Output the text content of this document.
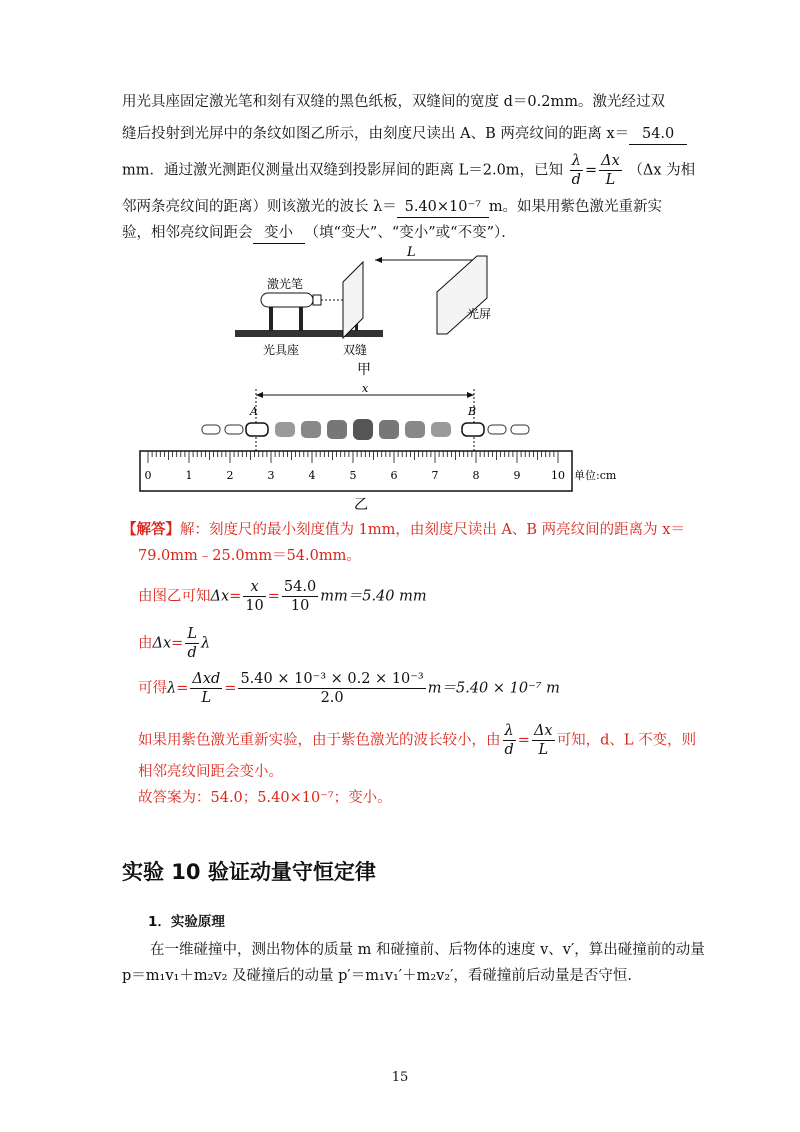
用光具座固定激光笔和刻有双缝的黑色纸板，双缝间的宽度 d＝0.2mm。激光经过双
缝后投射到光屏中的条纹如图乙所示，由刻度尺读出 A、B 两亮纹间的距离 x＝ 54.0
mm．通过激光测距仪测量出双缝到投影屏间的距离 L＝2.0m，已知 $\frac{\lambda}{d} = \frac{\Delta x}{L} (\Delta x$ 为相
邻两条亮纹间的距离）则该激光的波长 λ＝ 5.40×10⁻⁷ m。如果用紫色激光重新实
验，相邻亮纹间距会 变小 （填“变大”、“变小”或“不变”）．
L
激光笔
光具座	双缝
光屏
甲
x
A	B
0	1	2	3	4	5	6	7	8	9	10 单位:cm
乙
【解答】解：刻度尺的最小刻度值为 1mm，由刻度尺读出 A、B 两亮纹间的距离为 x＝
79.0mm﹣25.0mm＝54.0mm。
由图乙可知$\Delta x= \frac{x}{10} = \frac{54.0}{10} mm=5.40$ mm
由$\Delta x= \frac{L}{d}$ λ
可得$\lambda= \frac{\text{Δxd}}{L} = \frac{\text{5.40 × 10⁻³ × 0.2 × 10⁻³}}{2.0} m=5.40 \times 10^{-7}$ m
如果用紫色激光重新实验，由于紫色激光的波长较小，由 $\frac{\lambda}{d} = \frac{\Delta x}{L}$ 可知，d、L 不变，则
相邻亮纹间距会变小。
故答案为：54.0；5.40×10⁻⁷；变小。
实验 10 验证动量守恒定律
1．实验原理
在一维碰撞中，测出物体的质量 m 和碰撞前、后物体的速度 v、v′，算出碰撞前的动量
p＝m₁v₁＋m₂v₂ 及碰撞后的动量 p′＝m₁v₁′＋m₂v₂′，看碰撞前后动量是否守恒.
15
